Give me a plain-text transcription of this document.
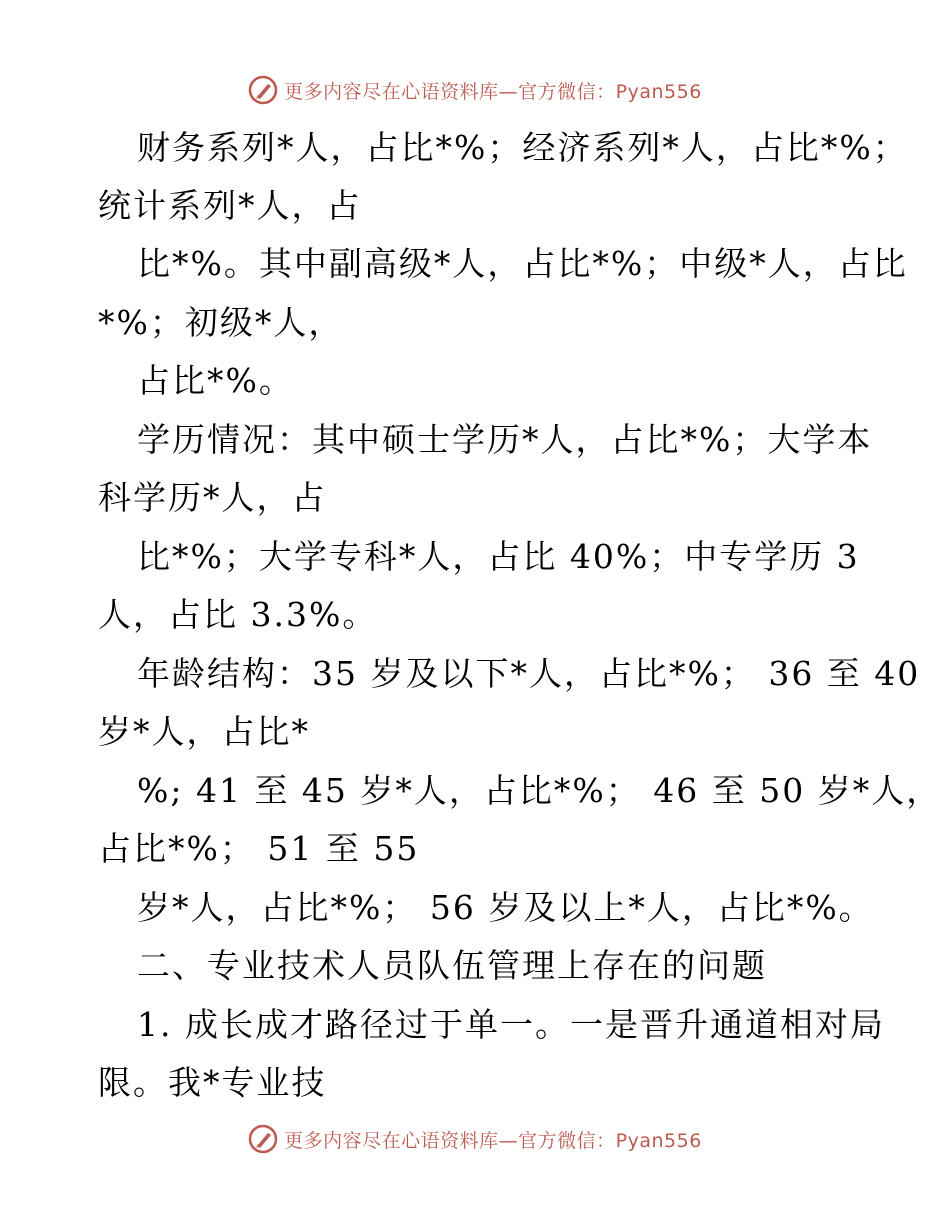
更多内容尽在心语资料库—官方微信：Pyan556
财务系列*人，占比*%；经济系列*人，占比*%；
统计系列*人，占
比*%。其中副高级*人，占比*%；中级*人，占比
*%；初级*人，
占比*%。
学历情况：其中硕士学历*人，占比*%；大学本
科学历*人，占
比*%；大学专科*人，占比 40%；中专学历 3
人，占比 3.3%。
年龄结构：35 岁及以下*人，占比*%； 36 至 40
岁*人，占比*
%; 41 至 45 岁*人，占比*%； 46 至 50 岁*人，
占比*%； 51 至 55
岁*人，占比*%； 56 岁及以上*人，占比*%。
二、专业技术人员队伍管理上存在的问题
1. 成长成才路径过于单一。一是晋升通道相对局
限。我*专业技
更多内容尽在心语资料库—官方微信：Pyan556
